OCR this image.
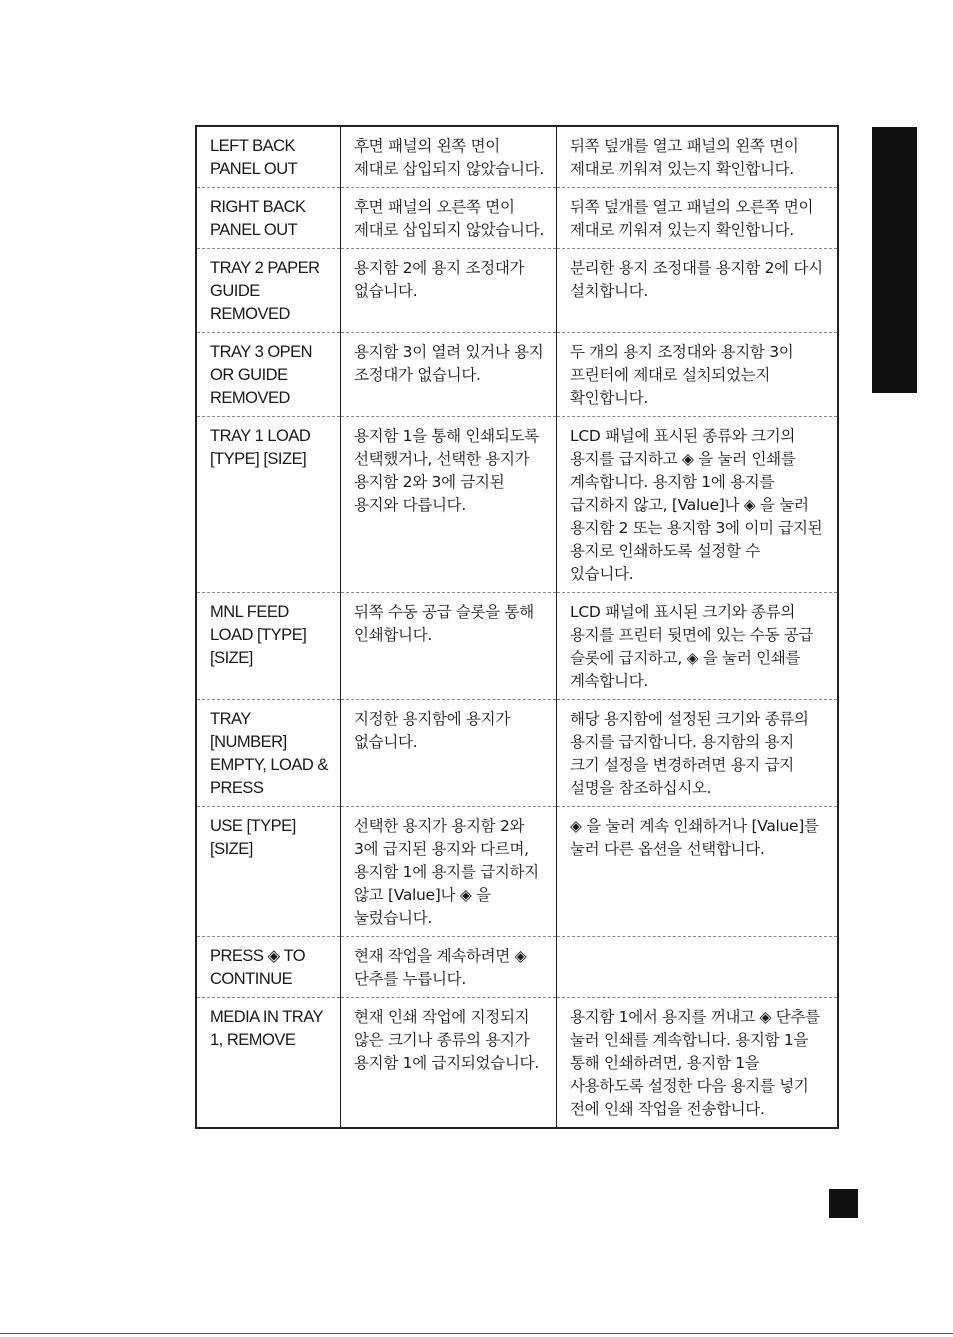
LEFT BACK
PANEL OUT	후면 패널의 왼쪽 면이 제대로 삽입되지 않았습니다.	뒤쪽 덮개를 열고 패널의 왼쪽 면이 제대로 끼워져 있는지 확인합니다.
RIGHT BACK
PANEL OUT	후면 패널의 오른쪽 면이 제대로 삽입되지 않았습니다.	뒤쪽 덮개를 열고 패널의 오른쪽 면이 제대로 끼워져 있는지 확인합니다.
TRAY 2 PAPER
GUIDE
REMOVED	용지함 2에 용지 조정대가 없습니다.	분리한 용지 조정대를 용지함 2에 다시 설치합니다.
TRAY 3 OPEN
OR GUIDE
REMOVED	용지함 3이 열려 있거나 용지 조정대가 없습니다.	두 개의 용지 조정대와 용지함 3이 프린터에 제대로 설치되었는지 확인합니다.
TRAY 1 LOAD
[TYPE] [SIZE]	용지함 1을 통해 인쇄되도록 선택했거나, 선택한 용지가 용지함 2와 3에 금지된 용지와 다릅니다.	LCD 패널에 표시된 종류와 크기의 용지를 급지하고 ◈ 을 눌러 인쇄를 계속합니다. 용지함 1에 용지를 급지하지 않고, [Value]나 ◈ 을 눌러 용지함 2 또는 용지함 3에 이미 급지된 용지로 인쇄하도록 설정할 수 있습니다.
MNL FEED
LOAD [TYPE]
[SIZE]	뒤쪽 수동 공급 슬롯을 통해 인쇄합니다.	LCD 패널에 표시된 크기와 종류의 용지를 프린터 뒷면에 있는 수동 공급 슬롯에 급지하고, ◈ 을 눌러 인쇄를 계속합니다.
TRAY
[NUMBER]
EMPTY, LOAD &
PRESS	지정한 용지함에 용지가 없습니다.	해당 용지함에 설정된 크기와 종류의 용지를 급지합니다. 용지함의 용지 크기 설정을 변경하려면 용지 급지 설명을 참조하십시오.
USE [TYPE]
[SIZE]	선택한 용지가 용지함 2와 3에 급지된 용지와 다르며, 용지함 1에 용지를 급지하지 않고 [Value]나 ◈ 을 눌렀습니다.	◈ 을 눌러 계속 인쇄하거나 [Value]를 눌러 다른 옵션을 선택합니다.
PRESS ◈ TO
CONTINUE	현재 작업을 계속하려면 ◈ 단추를 누릅니다.	
MEDIA IN TRAY
1, REMOVE	현재 인쇄 작업에 지정되지 않은 크기나 종류의 용지가 용지함 1에 급지되었습니다.	용지함 1에서 용지를 꺼내고 ◈ 단추를 눌러 인쇄를 계속합니다. 용지함 1을 통해 인쇄하려면, 용지함 1을 사용하도록 설정한 다음 용지를 넣기 전에 인쇄 작업을 전송합니다.
